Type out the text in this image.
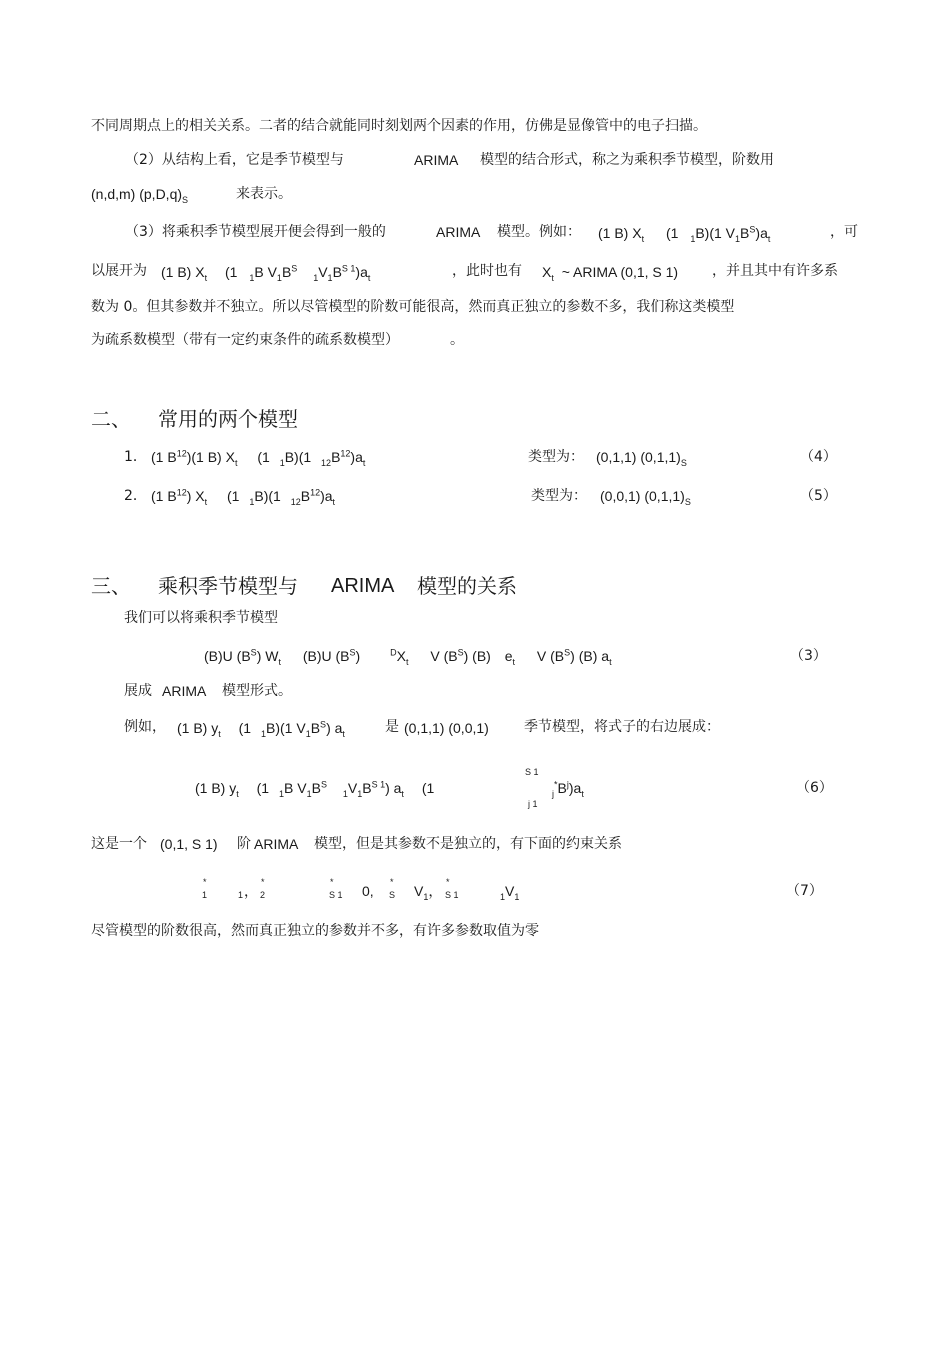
不同周期点上的相关关系。二者的结合就能同时刻划两个因素的作用，仿佛是显像管中的电子扫描。
（2）从结构上看，它是季节模型与	ARIMA 模型的结合形式，称之为乘积季节模型，阶数用
(n,d,m) $(p,D,q)_S$	来表示。
（3）将乘积季节模型展开便会得到一般的	ARIMA 模型。例如： (1 B) $X_t$ (1 $_1$B)(1 $V_1B^S)a_t$	，可
以展开为 (1 B) $X_t$ (1 $_1$B $V_1B^S$ $_1V_1B^{S 1})a_t$	，此时也有 $X_t$ ~ ARIMA (0,1, S 1) ，并且其中有许多系
数为 0。但其参数并不独立。所以尽管模型的阶数可能很高，然而真正独立的参数不多，我们称这类模型
为疏系数模型（带有一定约束条件的疏系数模型）	。
二、 常用的两个模型
1． (1 $B^{12})(1$ B) $X_t$ (1 $_1$B)(1 $_{12}B^{12})a_t$	类型为： (0,1,1) $(0,1,1)_S$	（4）
2． (1 $B^{12}$) $X_t$ (1 $_1$B)(1 $_{12}B^{12})a_t$	类型为： (0,0,1) $(0,1,1)_S$	（5）
三、 乘积季节模型与 ARIMA 模型的关系
我们可以将乘积季节模型
(B)U $(B^S)$ $W_t$ (B)U $(B^S)$	$^DX_t$ V $(B^S)$ (B) $e_t$ V $(B^S)$ (B) $a_t$	（3）
展成 ARIMA 模型形式。
例如， (1 B) $y_t$ (1 $_1$B)(1 $V_1B^S$) $a_t$	是 (0,1,1) (0,0,1)	季节模型，将式子的右边展成：
(1 B) $y_t$ (1 $_1$B $V_1B^S$ $_1V_1B^{S 1}$) $a_t$ (1
S 1
j 1
$_j^*B^j)a_t$	（6）
这是一个 (0,1, S 1) 阶 ARIMA 模型，但是其参数不是独立的，有下面的约束关系
*
1	1 ，
*
2
*
S 1 0,
*
S $V_1$，
*
S 1	$_1V_1$	（7）
尽管模型的阶数很高，然而真正独立的参数并不多，有许多参数取值为零
